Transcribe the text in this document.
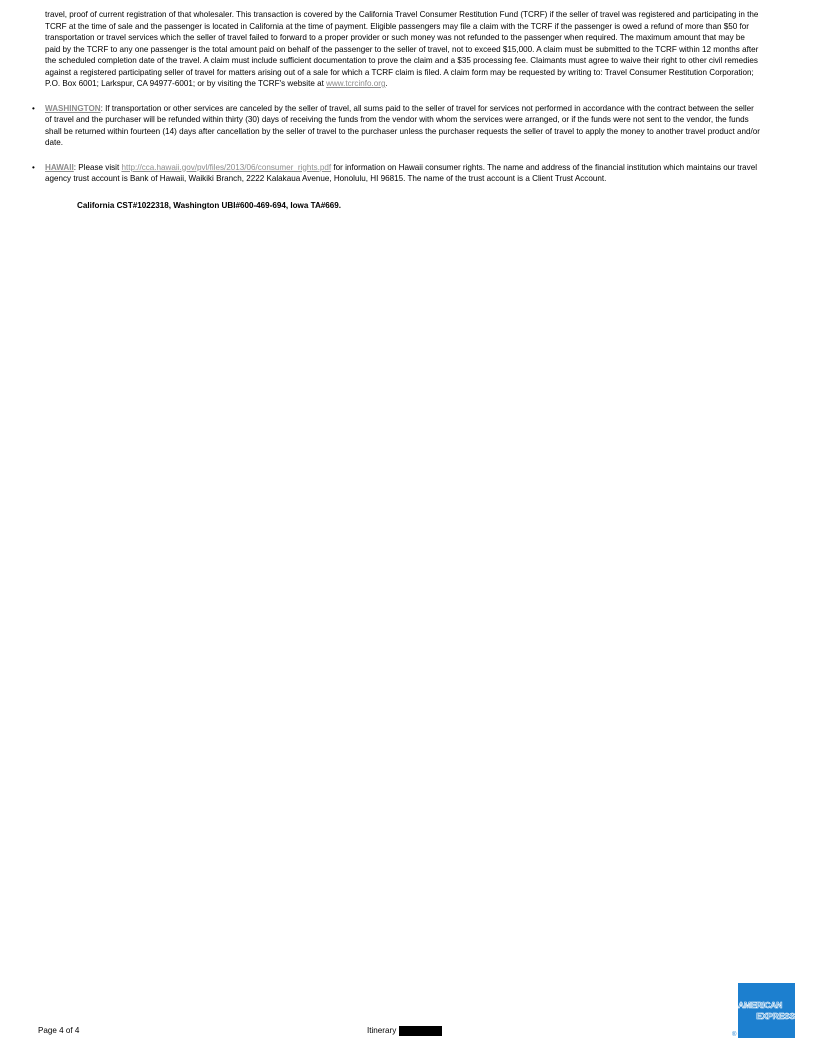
travel, proof of current registration of that wholesaler. This transaction is covered by the California Travel Consumer Restitution Fund (TCRF) if the seller of travel was registered and participating in the TCRF at the time of sale and the passenger is located in California at the time of payment. Eligible passengers may file a claim with the TCRF if the passenger is owed a refund of more than $50 for transportation or travel services which the seller of travel failed to forward to a proper provider or such money was not refunded to the passenger when required. The maximum amount that may be paid by the TCRF to any one passenger is the total amount paid on behalf of the passenger to the seller of travel, not to exceed $15,000. A claim must be submitted to the TCRF within 12 months after the scheduled completion date of the travel. A claim must include sufficient documentation to prove the claim and a $35 processing fee. Claimants must agree to waive their right to other civil remedies against a registered participating seller of travel for matters arising out of a sale for which a TCRF claim is filed. A claim form may be requested by writing to: Travel Consumer Restitution Corporation; P.O. Box 6001; Larkspur, CA 94977-6001; or by visiting the TCRF's website at www.tcrcinfo.org.

• WASHINGTON: If transportation or other services are canceled by the seller of travel, all sums paid to the seller of travel for services not performed in accordance with the contract between the seller of travel and the purchaser will be refunded within thirty (30) days of receiving the funds from the vendor with whom the services were arranged, or if the funds were not sent to the vendor, the funds shall be returned within fourteen (14) days after cancellation by the seller of travel to the purchaser unless the purchaser requests the seller of travel to apply the money to another travel product and/or date.

• HAWAII: Please visit http://cca.hawaii.gov/pvl/files/2013/06/consumer_rights.pdf for information on Hawaii consumer rights. The name and address of the financial institution which maintains our travel agency trust account is Bank of Hawaii, Waikiki Branch, 2222 Kalakaua Avenue, Honolulu, HI 96815. The name of the trust account is a Client Trust Account.

California CST#1022318, Washington UBI#600-469-694, Iowa TA#669.

Page 4 of 4	Itinerary
AMERICAN
EXPRESS
®
